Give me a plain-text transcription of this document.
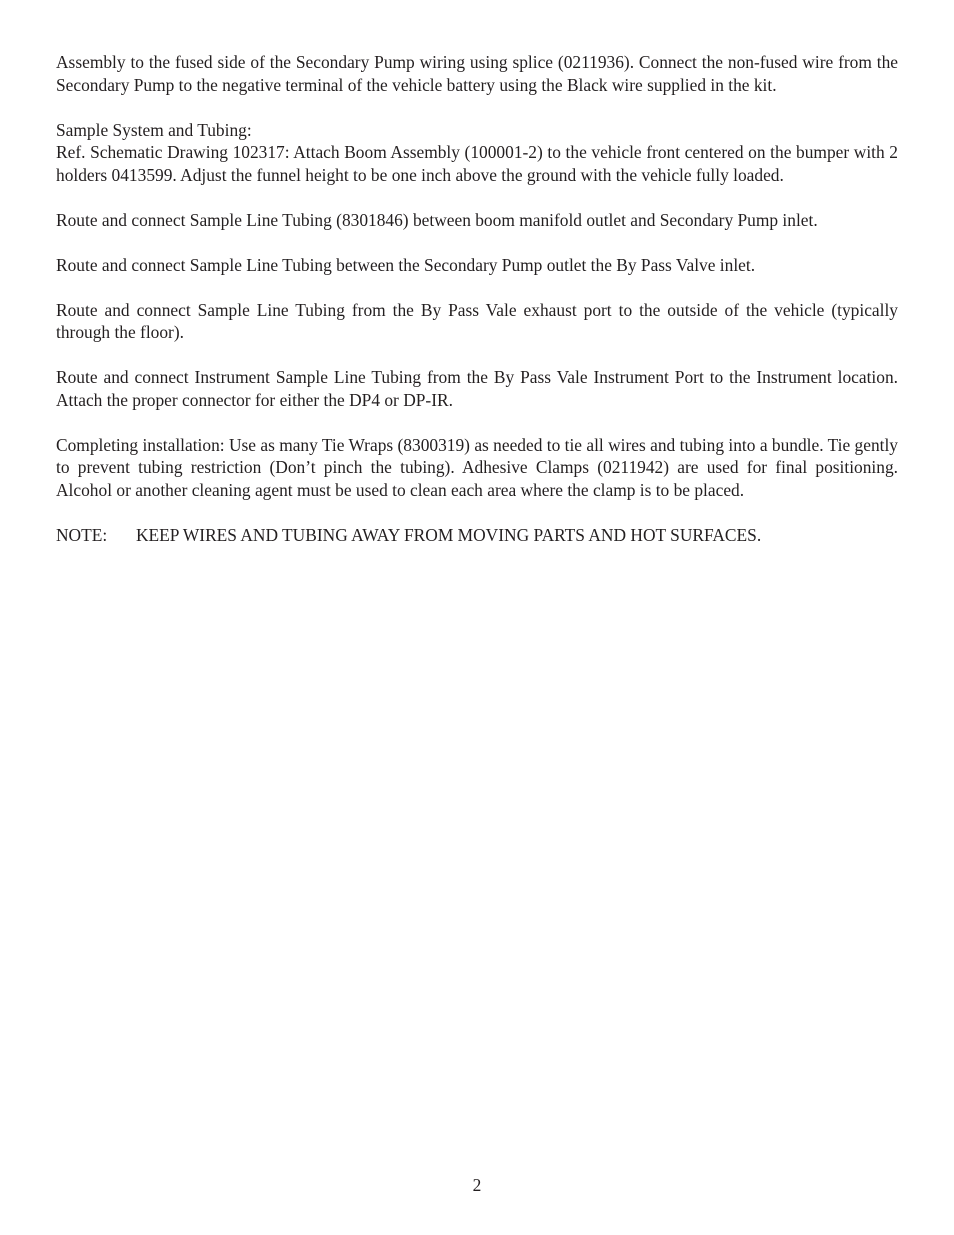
Assembly to the fused side of the Secondary Pump wiring using splice (0211936). Connect the non-fused wire from the Secondary Pump to the negative terminal of the vehicle battery using the Black wire supplied in the kit.

Sample System and Tubing:
Ref. Schematic Drawing 102317: Attach Boom Assembly (100001-2) to the vehicle front centered on the bumper with 2 holders 0413599. Adjust the funnel height to be one inch above the ground with the vehicle fully loaded.

Route and connect Sample Line Tubing (8301846) between boom manifold outlet and Secondary Pump inlet.

Route and connect Sample Line Tubing between the Secondary Pump outlet the By Pass Valve inlet.

Route and connect Sample Line Tubing from the By Pass Vale exhaust port to the outside of the vehicle (typically through the floor).

Route and connect Instrument Sample Line Tubing from the By Pass Vale Instrument Port to the Instrument location. Attach the proper connector for either the DP4 or DP-IR.

Completing installation: Use as many Tie Wraps (8300319) as needed to tie all wires and tubing into a bundle. Tie gently to prevent tubing restriction (Don’t pinch the tubing). Adhesive Clamps (0211942) are used for final positioning. Alcohol or another cleaning agent must be used to clean each area where the clamp is to be placed.

NOTE: KEEP WIRES AND TUBING AWAY FROM MOVING PARTS AND HOT SURFACES.

2
